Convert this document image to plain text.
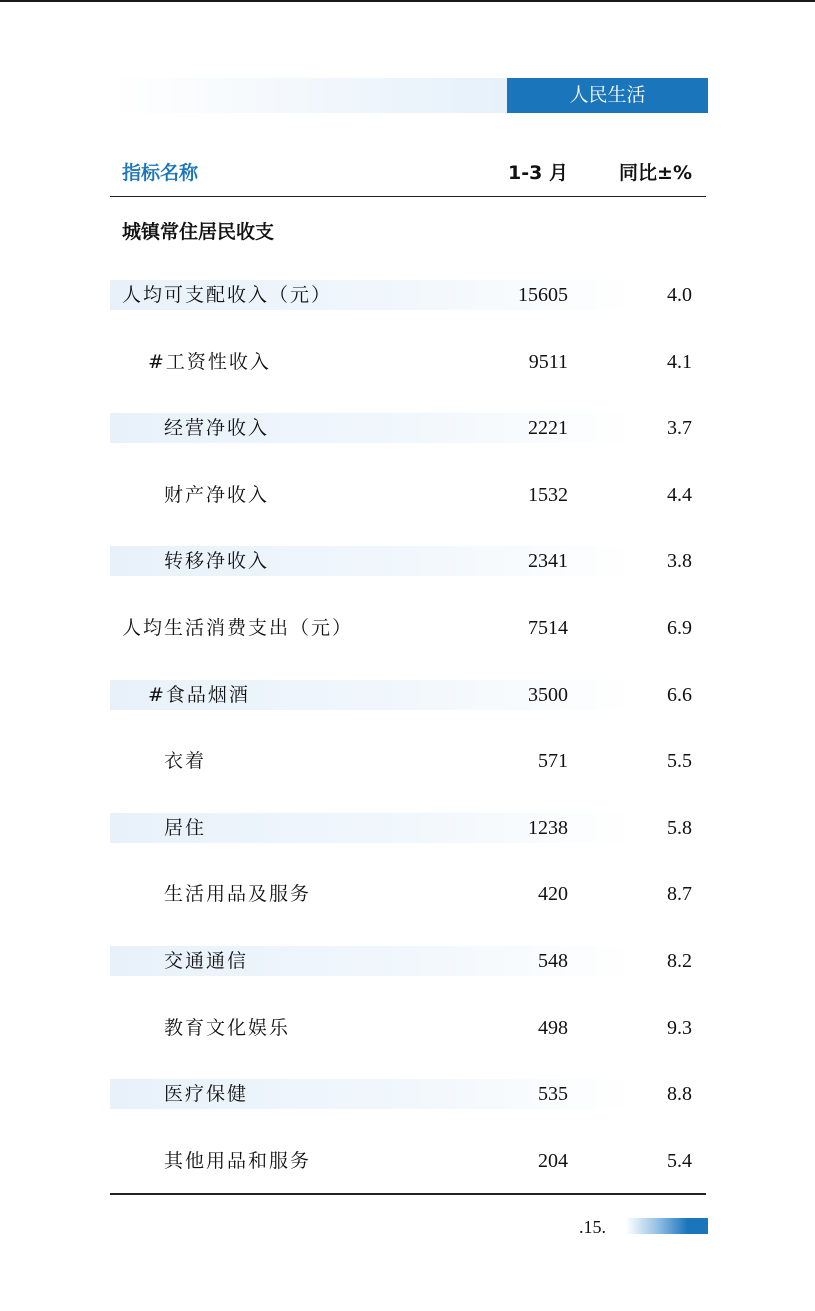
人民生活
指标名称	1-3 月	同比±%
城镇常住居民收支
人均可支配收入（元）	15605	4.0
#工资性收入	9511	4.1
经营净收入	2221	3.7
财产净收入	1532	4.4
转移净收入	2341	3.8
人均生活消费支出（元）	7514	6.9
#食品烟酒	3500	6.6
衣着	571	5.5
居住	1238	5.8
生活用品及服务	420	8.7
交通通信	548	8.2
教育文化娱乐	498	9.3
医疗保健	535	8.8
其他用品和服务	204	5.4
.15.
